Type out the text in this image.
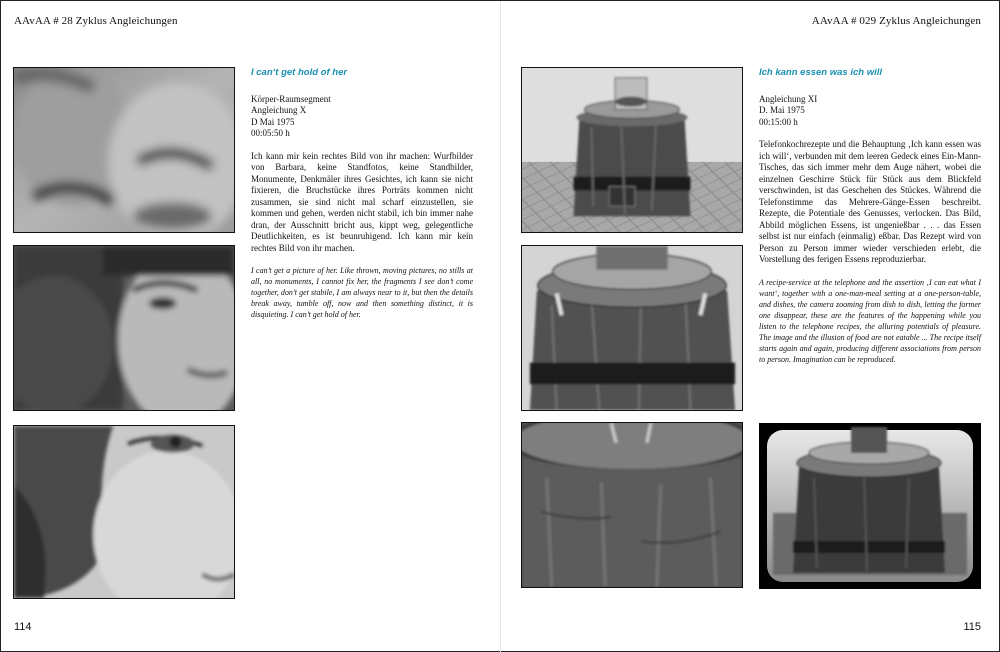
AAvAA # 28 Zyklus Angleichungen
I can‘t get hold of her
Körper-Raumsegment
Angleichung X
D Mai 1975
00:05:50 h
Ich kann mir kein rechtes Bild von ihr machen: Wurfbilder von Barbara, keine Standfotos, keine Standbilder, Monumente, Denkmäler ihres Gesichtes, ich kann sie nicht fixieren, die Bruchstücke ihres Porträts kommen nicht zusammen, sie sind nicht mal scharf einzustellen, sie kommen und gehen, werden nicht stabil, ich bin immer nahe dran, der Ausschnitt bricht aus, kippt weg, gelegentliche Deutlichkeiten, es ist beunruhigend. Ich kann mir kein rechtes Bild von ihr machen.
I can’t get a picture of her. Like thrown, moving pictures, no stills at all, no monuments, I cannot fix her, the fragments I see don’t come together, don’t get stabile, I am always near to it, but then the details break away, tumble off, now and then something distinct, it is disquieting. I can’t get hold of her.
114
AAvAA # 029 Zyklus Angleichungen
Ich kann essen was ich will
Angleichung XI
D. Mai 1975
00:15:00 h
Telefonkochrezepte und die Behauptung ‚Ich kann essen was ich will‘, verbunden mit dem leeren Gedeck eines Ein-Mann-Tisches, das sich immer mehr dem Auge nähert, wobei die einzelnen Geschirre Stück für Stück aus dem Blickfeld verschwinden, ist das Geschehen des Stückes. Während die Telefonstimme das Mehrere-Gänge-Essen beschreibt. Rezepte, die Potentiale des Genusses, verlocken. Das Bild, Abbild möglichen Essens, ist ungenießbar . . . das Essen selbst ist nur einfach (einmalig) eßbar. Das Rezept wird von Person zu Person immer wieder verschieden erlebt, die Vorstellung des ferigen Essens reproduzierbar.
A recipe-service at the telephone and the assertion ‚I can eat what I want‘, together with a one-man-meal setting at a one-person-table, and dishes, the camera zooming from dish to dish, letting the former one disappear, these are the features of the happening while you listen to the telephone recipes, the alluring potentials of pleasure. The image and the illusion of food are not eatable ... The recipe itself starts again and again, producing different associations from person to person. Imagination can be reproduced.
115
